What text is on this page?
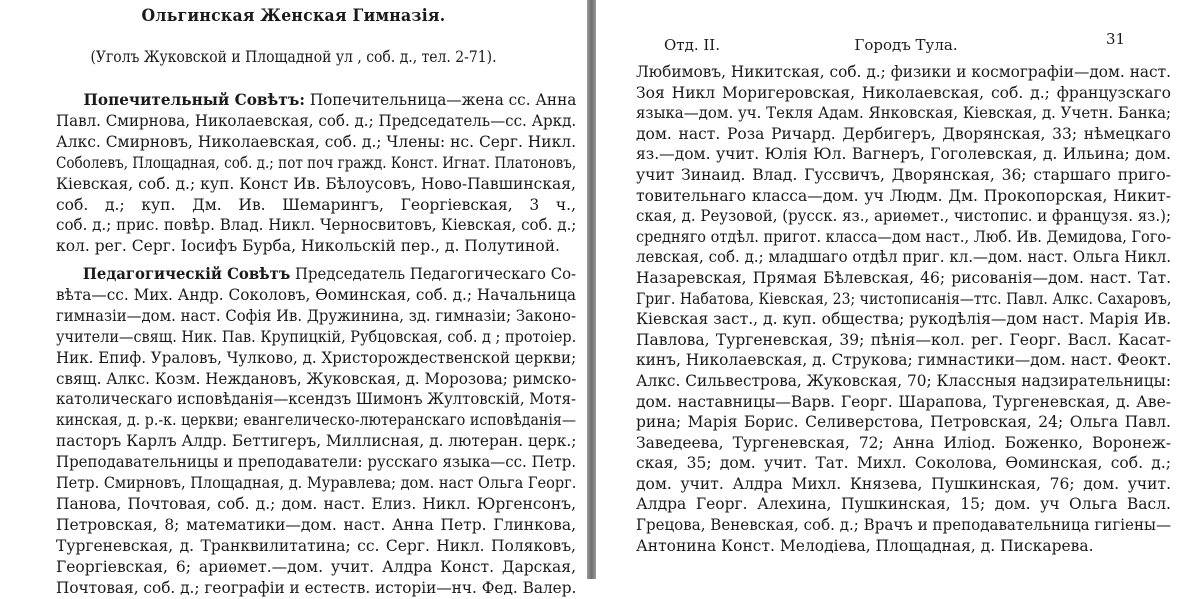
Ольгинская Женская Гимназія.
(Уголъ Жуковской и Площадной ул , соб. д., тел. 2-71).
Попечительный Совѣтъ: Попечительница—жена сс. Анна
Павл. Смирнова, Николаевская, соб. д.; Председатель—сс. Аркд.
Алкс. Смирновъ, Николаевская, соб. д.; Члены: нс. Серг. Никл.
Соболевъ, Площадная, соб. д.; пот поч гражд. Конст. Игнат. Платоновъ,
Кіевская, соб. д.; куп. Конст Ив. Бѣлоусовъ, Ново-Павшинская,
соб. д.; куп. Дм. Ив. Шемарингъ, Георгіевская, 3 ч.,
соб. д.; прис. повѣр. Влад. Никл. Черносвитовъ, Кіевская, соб. д.;
кол. рег. Серг. Іосифъ Бурба, Никольскій пер., д. Полутиной.
Педагогическій Совѣтъ Председатель Педагогическаго Со-
вѣта—сс. Мих. Андр. Соколовъ, Ѳоминская, соб. д.; Начальница
гимназіи—дом. наст. Софія Ив. Дружинина, зд. гимназіи; Законо-
учители—свящ. Ник. Пав. Крупицкій, Рубцовская, соб. д ; протоіер.
Ник. Епиф. Ураловъ, Чулково, д. Христорождественской церкви;
свящ. Алкс. Козм. Неждановъ, Жуковская, д. Морозова; римско-
католическаго исповѣданія—ксендзъ Шимонъ Жултовскій, Мотя-
кинская, д. р.-к. церкви; евангелическо-лютеранскаго исповѣданія—
пасторъ Карлъ Алдр. Беттигеръ, Миллисная, д. лютеран. церк.;
Преподавательницы и преподаватели: русскаго языка—сс. Петр.
Петр. Смирновъ, Площадная, д. Муравлева; дом. наст Ольга Георг.
Панова, Почтовая, соб. д.; дом. наст. Елиз. Никл. Юргенсонъ,
Петровская, 8; математики—дом. наст. Анна Петр. Глинкова,
Тургеневская, д. Транквилитатина; сс. Серг. Никл. Поляковъ,
Георгіевская, 6; ариѳмет.—дом. учит. Алдра Конст. Дарская,
Почтовая, соб. д.; географіи и естеств. исторіи—нч. Фед. Валер.
Отд. II.	Городъ Тула.	31
Любимовъ, Никитская, соб. д.; физики и космографіи—дом. наст.
Зоя Никл Моригеровская, Николаевская, соб. д.; французскаго
языка—дом. уч. Текля Адам. Янковская, Кіевская, д. Учетн. Банка;
дом. наст. Роза Ричард. Дербигеръ, Дворянская, 33; нѣмецкаго
яз.—дом. учит. Юлія Юл. Вагнеръ, Гоголевская, д. Ильина; дом.
учит Зинаид. Влад. Гуссвичъ, Дворянская, 36; старшаго приго-
товительнаго класса—дом. уч Людм. Дм. Прокопорская, Никит-
ская, д. Реузовой, (русск. яз., ариѳмет., чистопис. и французя. яз.);
средняго отдѣл. пригот. класса—дом наст., Люб. Ив. Демидова, Гого-
левская, соб. д.; младшаго отдѣл приг. кл.—дом. наст. Ольга Никл.
Назаревская, Прямая Бѣлевская, 46; рисованія—дом. наст. Тат.
Григ. Набатова, Кіевская, 23; чистописанія—ттс. Павл. Алкс. Сахаровъ,
Кіевская заст., д. куп. общества; рукодѣлія—дом наст. Марія Ив.
Павлова, Тургеневская, 39; пѣнія—кол. рег. Георг. Васл. Касат-
кинъ, Николаевская, д. Струкова; гимнастики—дом. наст. Феокт.
Алкс. Сильвестрова, Жуковская, 70; Классныя надзирательницы:
дом. наставницы—Варв. Георг. Шарапова, Тургеневская, д. Аве-
рина; Марія Борис. Селиверстова, Петровская, 24; Ольга Павл.
Заведеева, Тургеневская, 72; Анна Иліод. Боженко, Воронеж-
ская, 35; дом. учит. Тат. Михл. Соколова, Ѳоминская, соб. д.;
дом. учит. Алдра Михл. Князева, Пушкинская, 76; дом. учит.
Алдра Георг. Алехина, Пушкинская, 15; дом. уч Ольга Васл.
Грецова, Веневская, соб. д.; Врачъ и преподавательница гигіены—
Антонина Конст. Мелодіева, Площадная, д. Пискарева.
